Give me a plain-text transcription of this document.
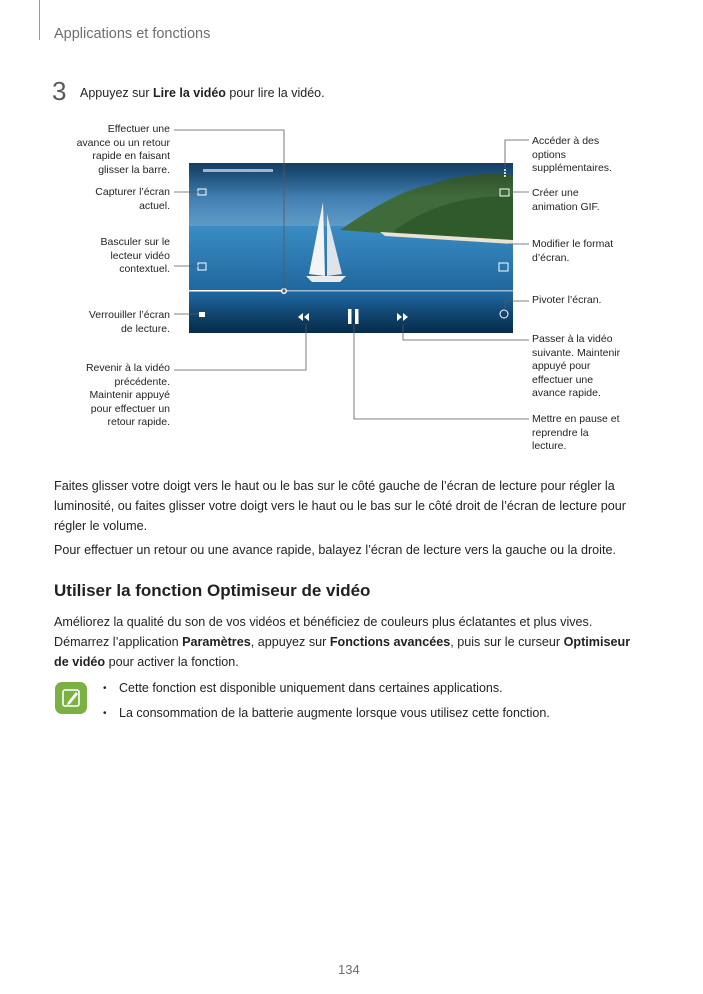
Applications et fonctions
3 Appuyez sur Lire la vidéo pour lire la vidéo.
Effectuer une
avance ou un retour
rapide en faisant
glisser la barre.
Capturer l’écran
actuel.
Basculer sur le
lecteur vidéo
contextuel.
Verrouiller l’écran
de lecture.
Revenir à la vidéo
précédente.
Maintenir appuyé
pour effectuer un
retour rapide.
Accéder à des
options
supplémentaires.
Créer une
animation GIF.
Modifier le format
d’écran.
Pivoter l’écran.
Passer à la vidéo
suivante. Maintenir
appuyé pour
effectuer une
avance rapide.
Mettre en pause et
reprendre la
lecture.
Faites glisser votre doigt vers le haut ou le bas sur le côté gauche de l’écran de lecture pour régler la luminosité, ou faites glisser votre doigt vers le haut ou le bas sur le côté droit de l’écran de lecture pour régler le volume.
Pour effectuer un retour ou une avance rapide, balayez l’écran de lecture vers la gauche ou la droite.
Utiliser la fonction Optimiseur de vidéo
Améliorez la qualité du son de vos vidéos et bénéficiez de couleurs plus éclatantes et plus vives.
Démarrez l’application Paramètres, appuyez sur Fonctions avancées, puis sur le curseur Optimiseur
de vidéo pour activer la fonction.
• Cette fonction est disponible uniquement dans certaines applications.
• La consommation de la batterie augmente lorsque vous utilisez cette fonction.
134
